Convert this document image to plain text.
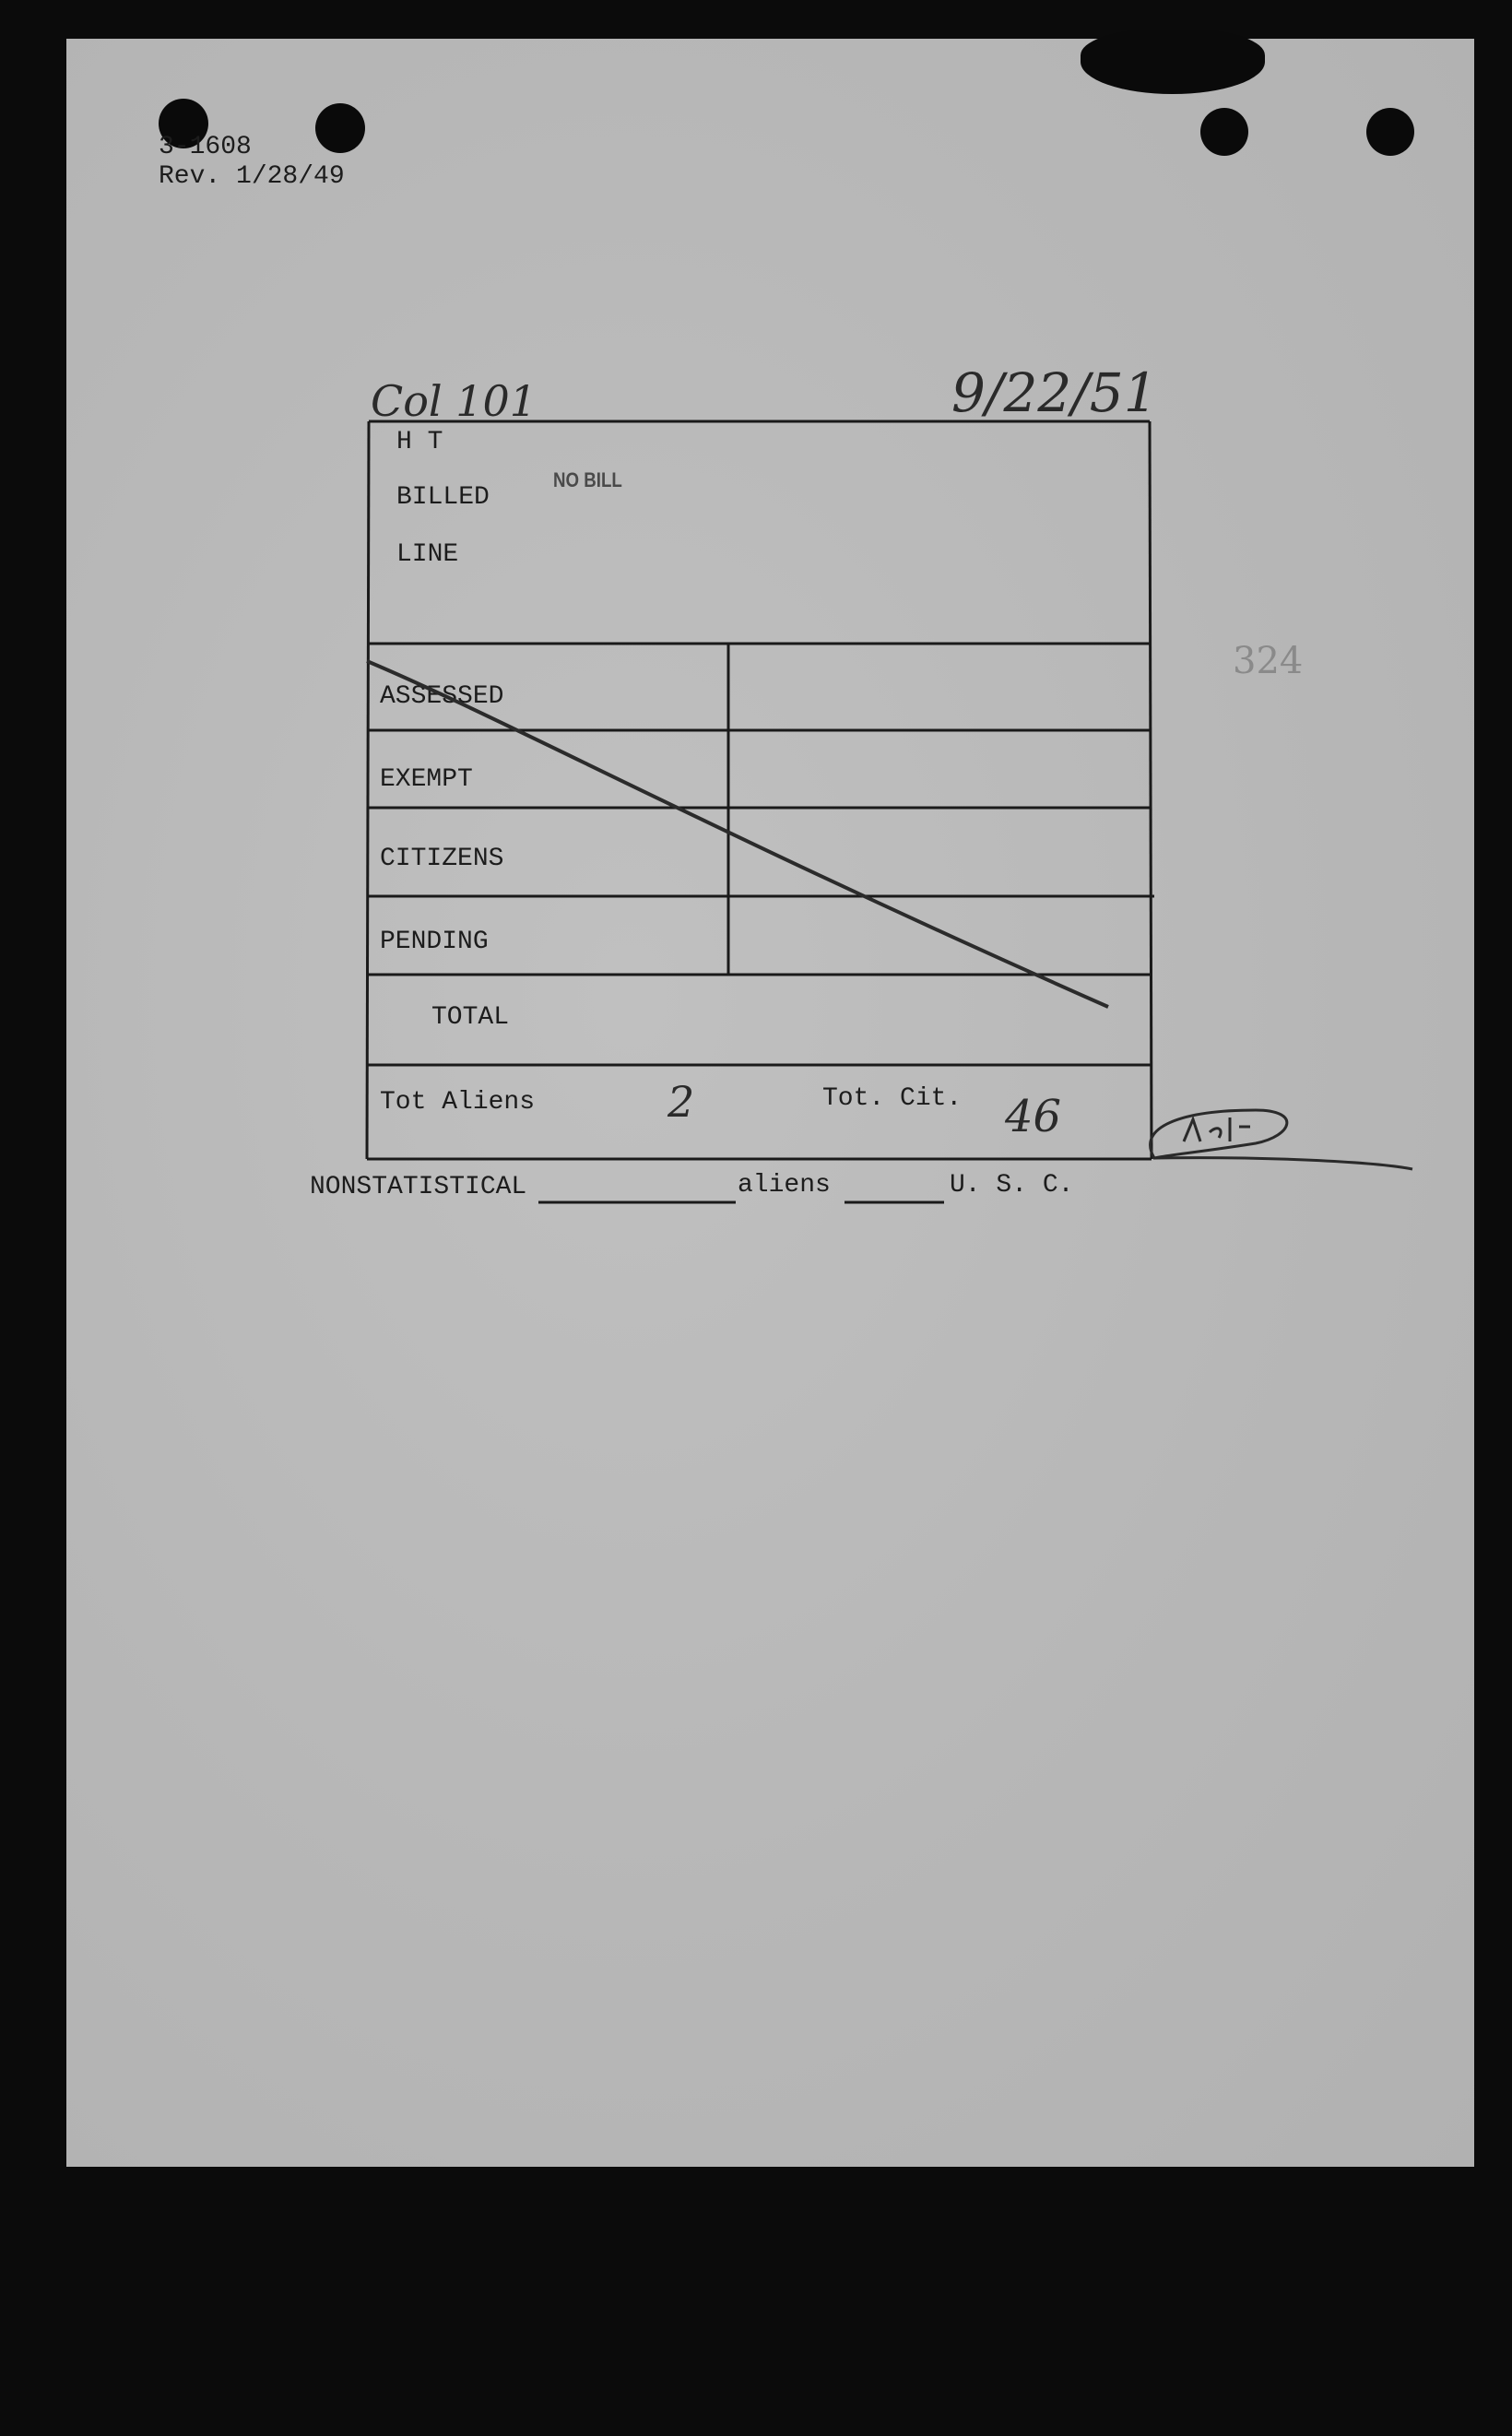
3-1608
Rev. 1/28/49
Col 101	9/22/51
324
H T
BILLED
NO BILL
LINE
ASSESSED
EXEMPT
CITIZENS
PENDING
TOTAL
Tot Aliens	2	Tot. Cit. 46
NONSTATISTICAL	aliens	U. S. C.
